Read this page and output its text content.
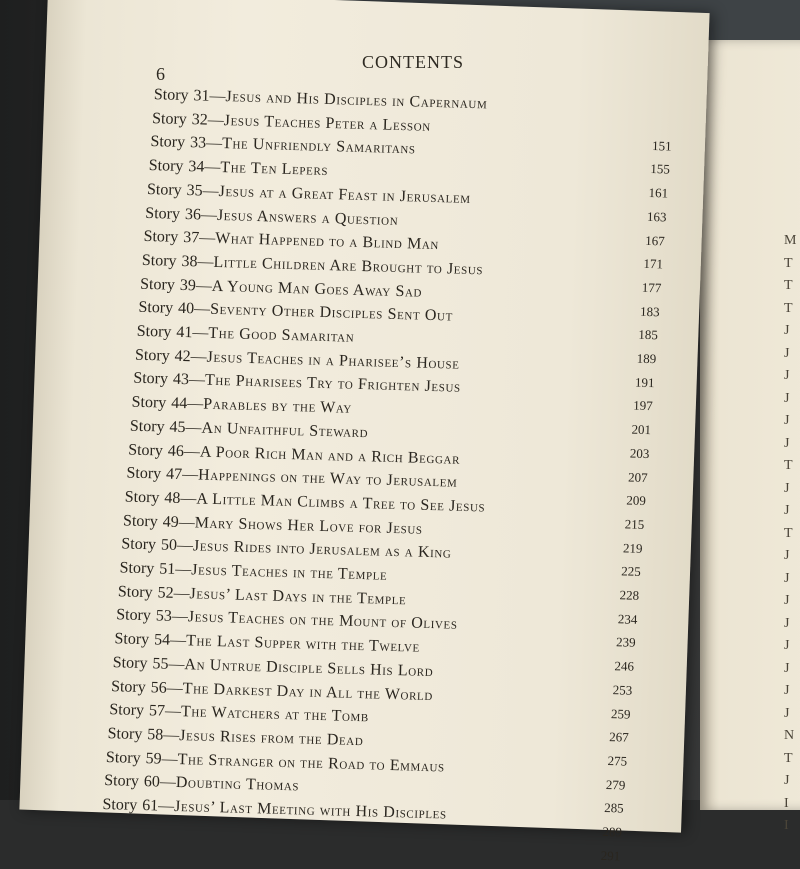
M
T
T
T
J
J
J
J
J
J
T
J
J
T
J
J
J
J
J
J
J
J
N
T
J
I
I
6
CONTENTS
Story 31—Jesus and His Disciples in Capernaum
Story 32—Jesus Teaches Peter a Lesson
151
Story 33—The Unfriendly Samaritans
155
Story 34—The Ten Lepers
161
Story 35—Jesus at a Great Feast in Jerusalem
163
Story 36—Jesus Answers a Question
167
Story 37—What Happened to a Blind Man
171
Story 38—Little Children Are Brought to Jesus
177
Story 39—A Young Man Goes Away Sad
183
Story 40—Seventy Other Disciples Sent Out
185
Story 41—The Good Samaritan
189
Story 42—Jesus Teaches in a Pharisee’s House
191
Story 43—The Pharisees Try to Frighten Jesus
197
Story 44—Parables by the Way
201
Story 45—An Unfaithful Steward
203
Story 46—A Poor Rich Man and a Rich Beggar
207
Story 47—Happenings on the Way to Jerusalem
209
Story 48—A Little Man Climbs a Tree to See Jesus
215
Story 49—Mary Shows Her Love for Jesus
219
Story 50—Jesus Rides into Jerusalem as a King
225
Story 51—Jesus Teaches in the Temple
228
Story 52—Jesus’ Last Days in the Temple
234
Story 53—Jesus Teaches on the Mount of Olives
239
Story 54—The Last Supper with the Twelve
246
Story 55—An Untrue Disciple Sells His Lord
253
Story 56—The Darkest Day in All the World
259
Story 57—The Watchers at the Tomb
267
Story 58—Jesus Rises from the Dead
275
Story 59—The Stranger on the Road to Emmaus
279
Story 60—Doubting Thomas
285
Story 61—Jesus’ Last Meeting with His Disciples
289
291
